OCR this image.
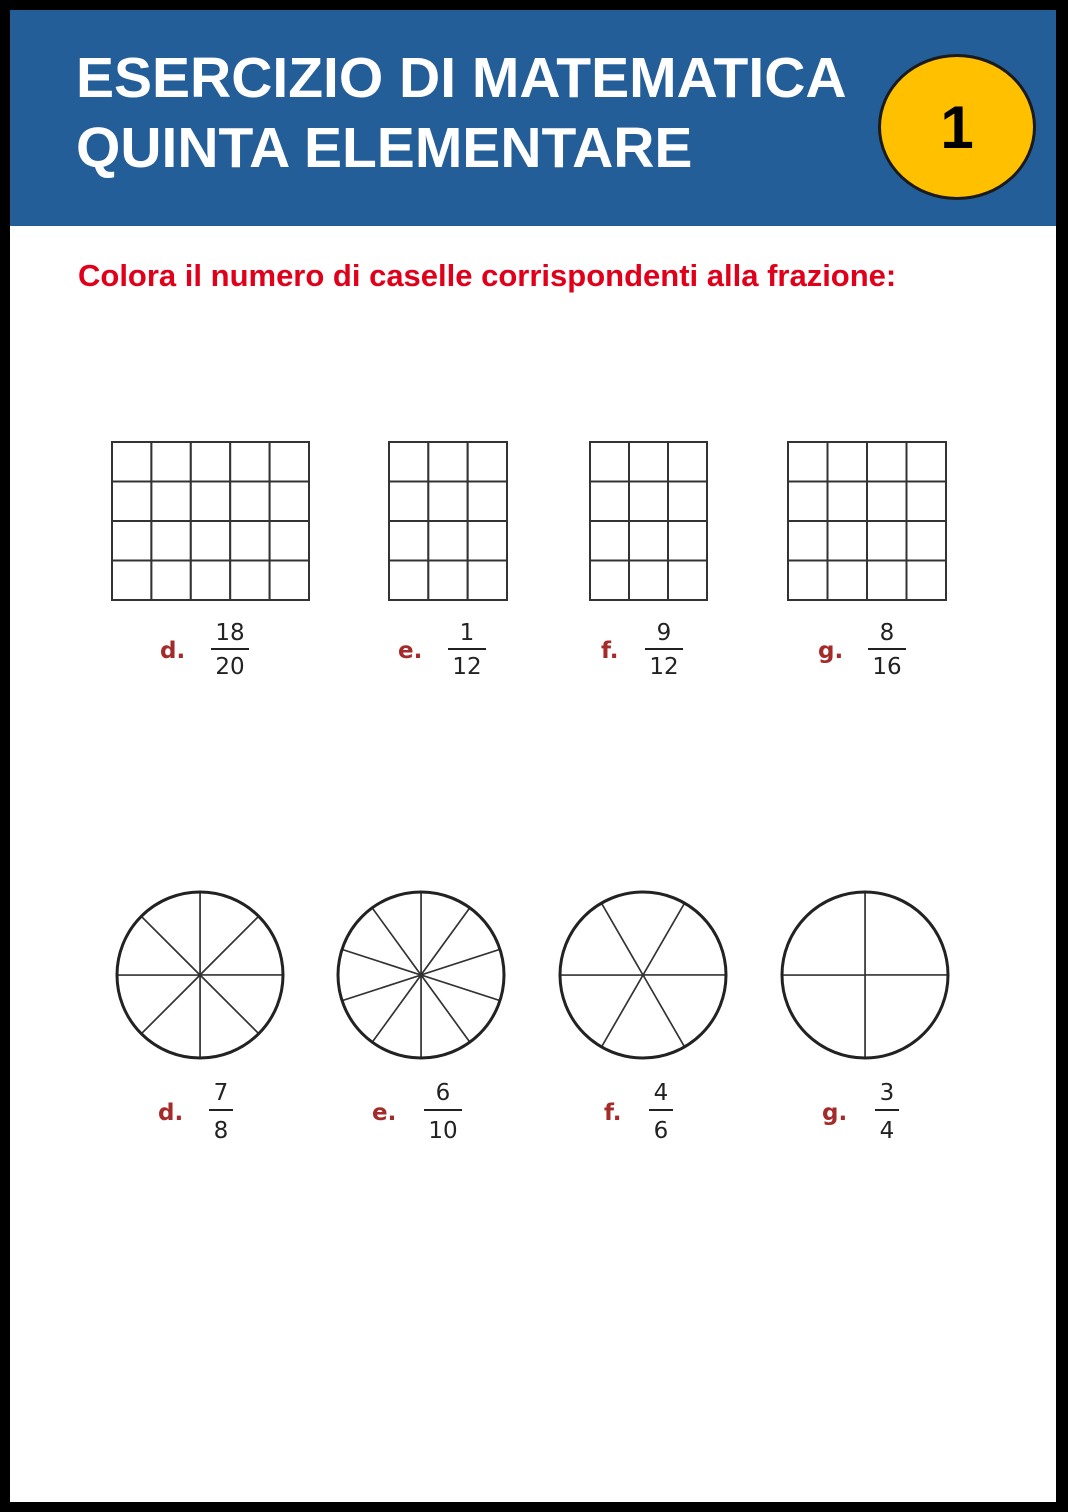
ESERCIZIO DI MATEMATICA
QUINTA ELEMENTARE	1
Colora il numero di caselle corrispondenti alla frazione:
d.
18
20
e.
1
12
f.
9
12
g.
8
16
d.
7
8
e.
6
10
f.
4
6
g.
3
4
